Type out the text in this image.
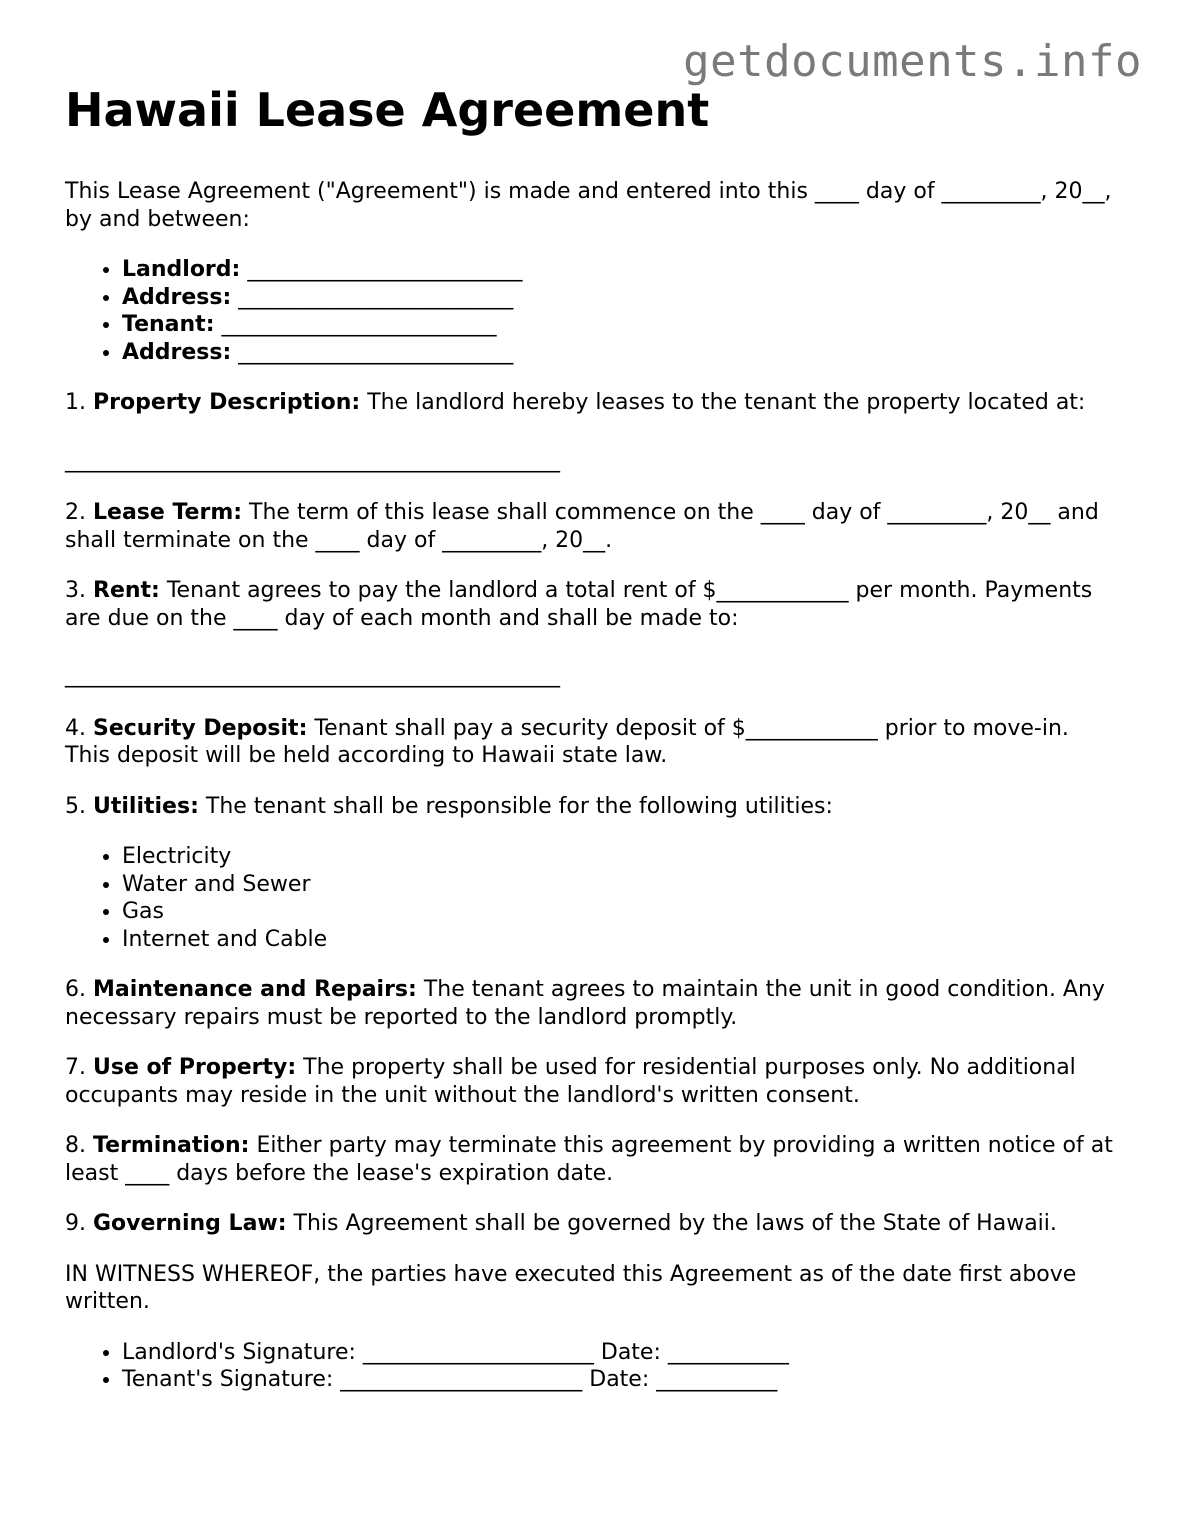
getdocuments.info
Hawaii Lease Agreement

This Lease Agreement ("Agreement") is made and entered into this ____ day of _________, 20__, by and between:

• Landlord: _________________________
• Address: _________________________
• Tenant: _________________________
• Address: _________________________

1. Property Description: The landlord hereby leases to the tenant the property located at:

_____________________________________________

2. Lease Term: The term of this lease shall commence on the ____ day of _________, 20__ and shall terminate on the ____ day of _________, 20__.

3. Rent: Tenant agrees to pay the landlord a total rent of $____________ per month. Payments are due on the ____ day of each month and shall be made to:

_____________________________________________

4. Security Deposit: Tenant shall pay a security deposit of $____________ prior to move-in. This deposit will be held according to Hawaii state law.

5. Utilities: The tenant shall be responsible for the following utilities:

• Electricity
• Water and Sewer
• Gas
• Internet and Cable

6. Maintenance and Repairs: The tenant agrees to maintain the unit in good condition. Any necessary repairs must be reported to the landlord promptly.

7. Use of Property: The property shall be used for residential purposes only. No additional occupants may reside in the unit without the landlord's written consent.

8. Termination: Either party may terminate this agreement by providing a written notice of at least ____ days before the lease's expiration date.

9. Governing Law: This Agreement shall be governed by the laws of the State of Hawaii.

IN WITNESS WHEREOF, the parties have executed this Agreement as of the date first above written.

• Landlord's Signature: _____________________ Date: ___________
• Tenant's Signature: ______________________ Date: ___________
